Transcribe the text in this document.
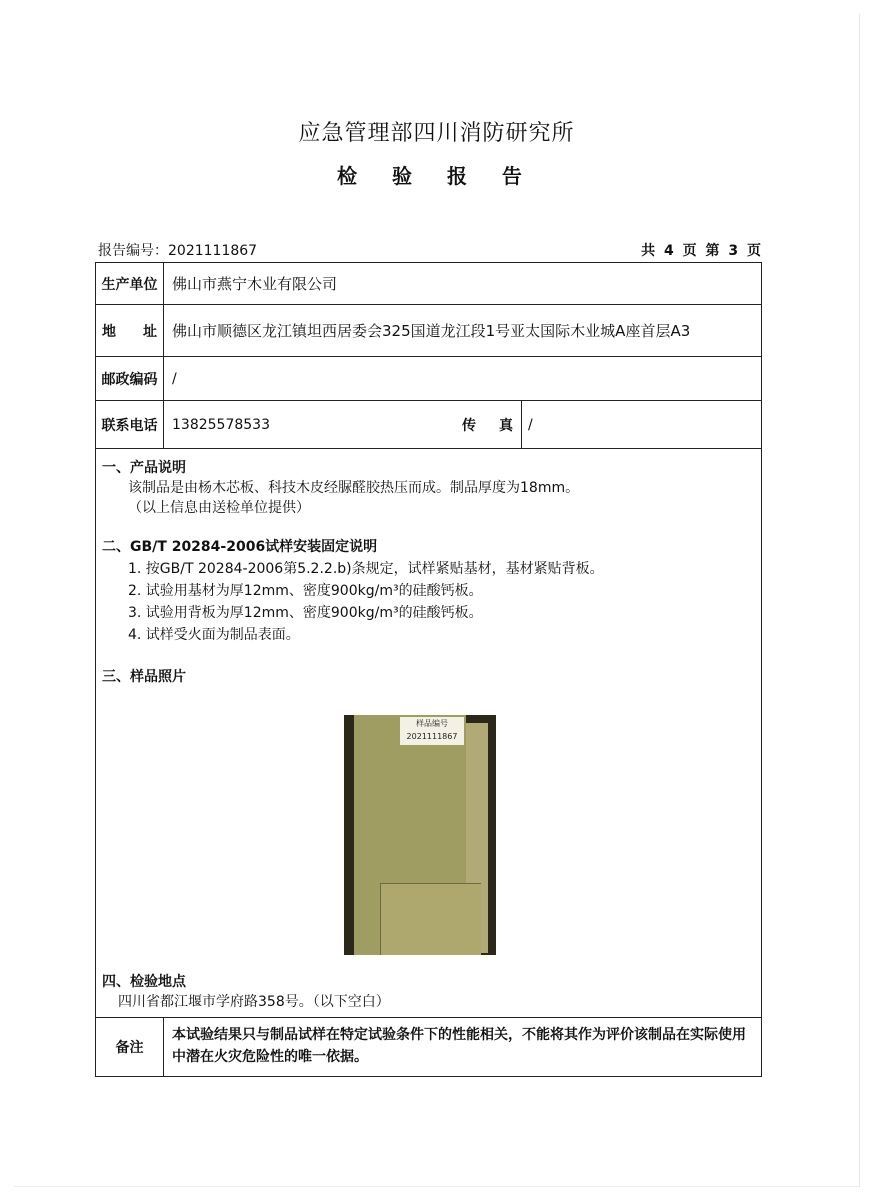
应急管理部四川消防研究所
检 验 报 告
报告编号：2021111867	共 4 页 第 3 页
生产单位 佛山市燕宁木业有限公司
地 址 佛山市顺德区龙江镇坦西居委会325国道龙江段1号亚太国际木业城A座首层A3
邮政编码	/
联系电话	13825578533	传 真 /
一、产品说明
该制品是由杨木芯板、科技木皮经脲醛胶热压而成。制品厚度为18mm。
（以上信息由送检单位提供）
二、GB/T 20284-2006试样安装固定说明
1. 按GB/T 20284-2006第5.2.2.b)条规定，试样紧贴基材，基材紧贴背板。
2. 试验用基材为厚12mm、密度900kg/m³的硅酸钙板。
3. 试验用背板为厚12mm、密度900kg/m³的硅酸钙板。
4. 试样受火面为制品表面。
三、样品照片
样品编号
2021111867
四、检验地点
四川省都江堰市学府路358号。（以下空白）
备注
本试验结果只与制品试样在特定试验条件下的性能相关，不能将其作为评价该制品在实际使用中潜在火灾危险性的唯一依据。
